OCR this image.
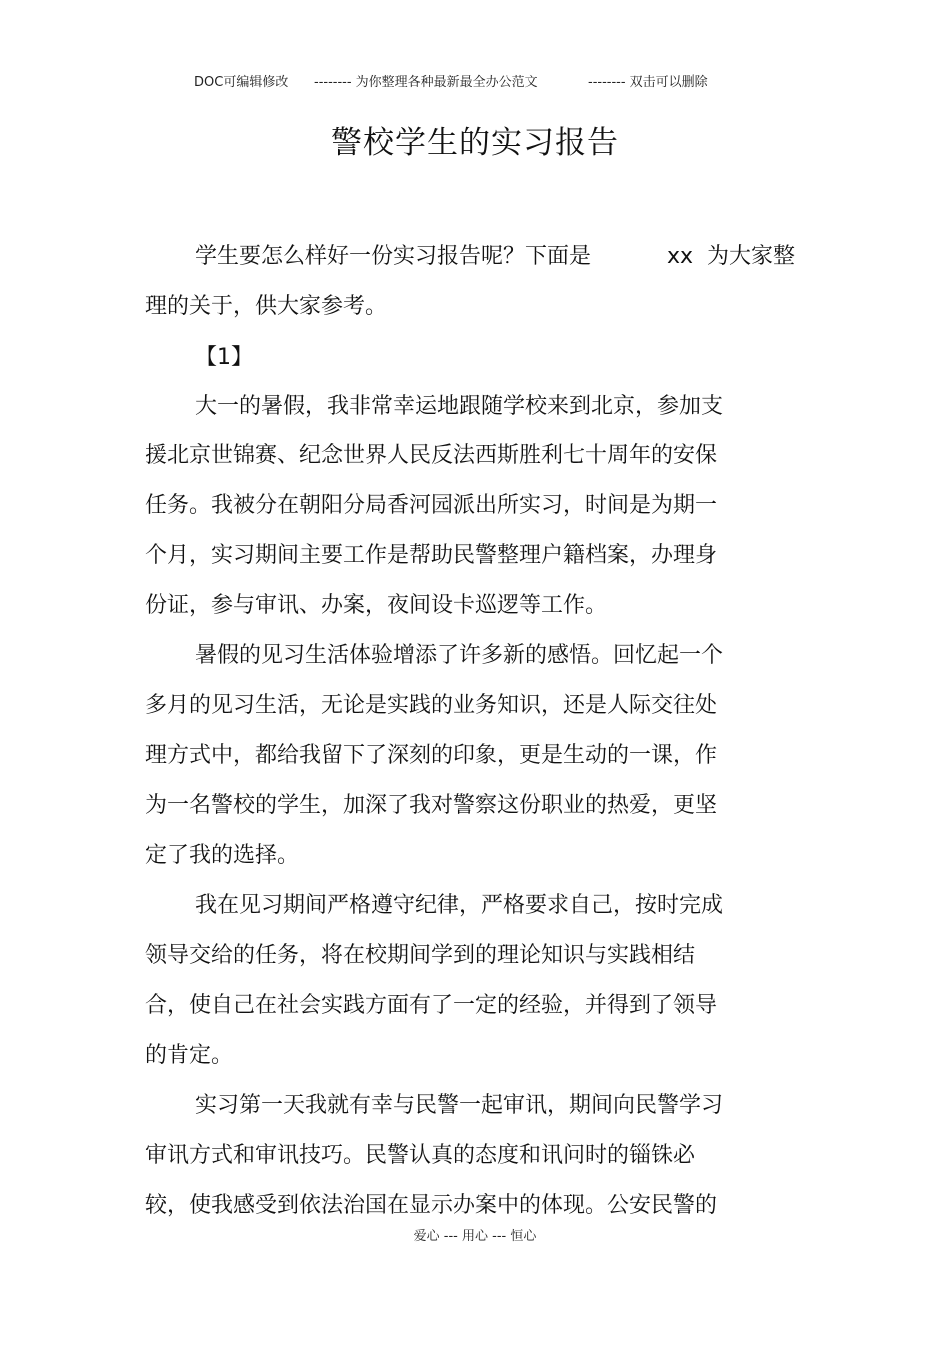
DOC可编辑修改 -------- 为你整理各种最新最全办公范文	-------- 双击可以删除
警校学生的实习报告
学生要怎么样好一份实习报告呢？下面是	xx 为大家整
理的关于，供大家参考。
【1】
大一的暑假，我非常幸运地跟随学校来到北京，参加支
援北京世锦赛、纪念世界人民反法西斯胜利七十周年的安保
任务。我被分在朝阳分局香河园派出所实习，时间是为期一
个月，实习期间主要工作是帮助民警整理户籍档案，办理身
份证，参与审讯、办案，夜间设卡巡逻等工作。
暑假的见习生活体验增添了许多新的感悟。回忆起一个
多月的见习生活，无论是实践的业务知识，还是人际交往处
理方式中，都给我留下了深刻的印象，更是生动的一课，作
为一名警校的学生，加深了我对警察这份职业的热爱，更坚
定了我的选择。
我在见习期间严格遵守纪律，严格要求自己，按时完成
领导交给的任务，将在校期间学到的理论知识与实践相结
合，使自己在社会实践方面有了一定的经验，并得到了领导
的肯定。
实习第一天我就有幸与民警一起审讯，期间向民警学习
审讯方式和审讯技巧。民警认真的态度和讯问时的锱铢必
较，使我感受到依法治国在显示办案中的体现。公安民警的
爱心 --- 用心 --- 恒心
